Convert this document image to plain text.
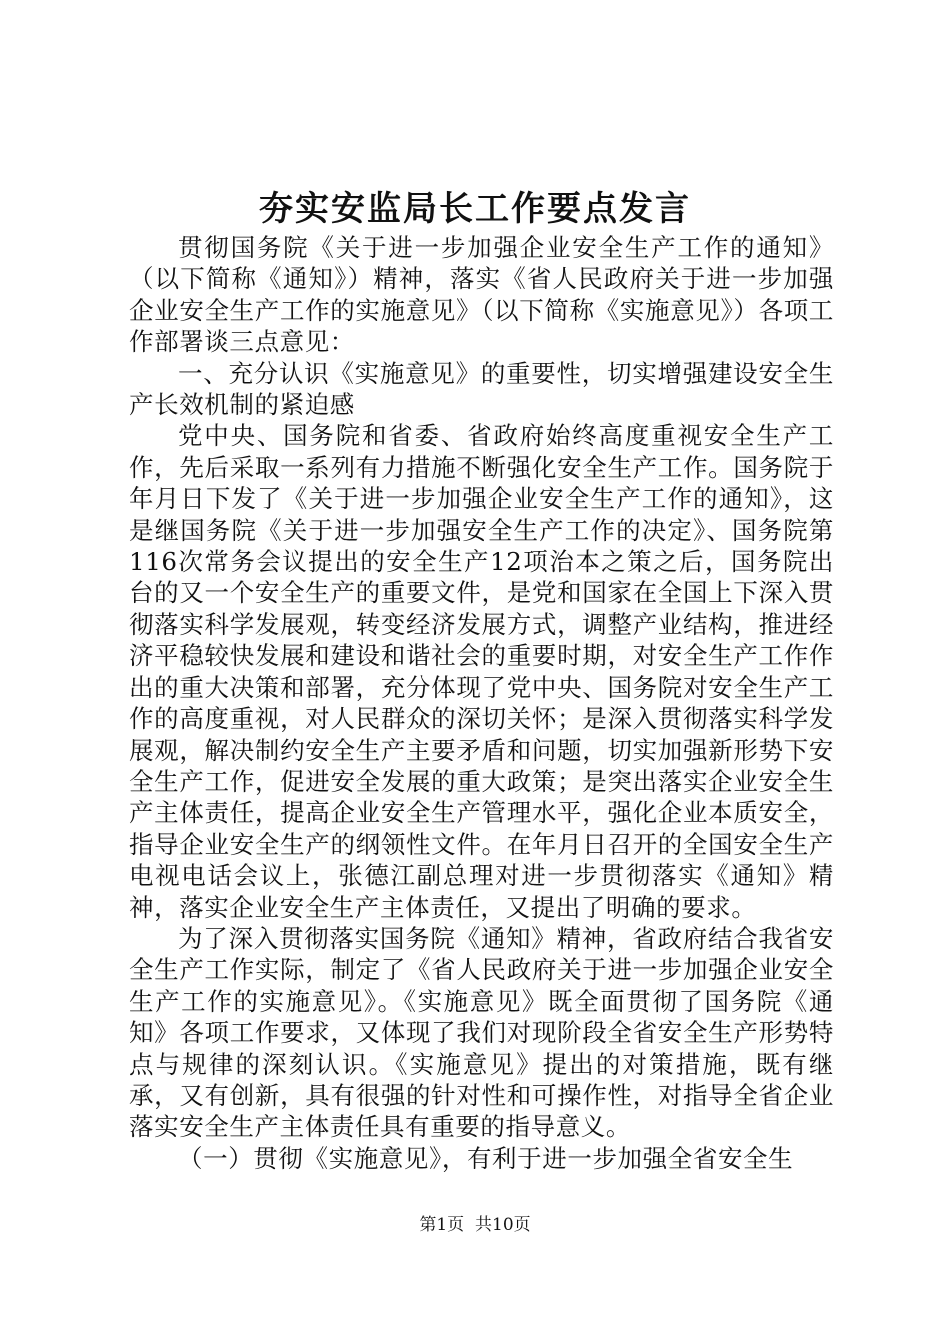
夯实安监局长工作要点发言

贯彻国务院《关于进一步加强企业安全生产工作的通知》（以下简称《通知》）精神，落实《省人民政府关于进一步加强企业安全生产工作的实施意见》（以下简称《实施意见》）各项工作部署谈三点意见：

一、充分认识《实施意见》的重要性，切实增强建设安全生产长效机制的紧迫感

党中央、国务院和省委、省政府始终高度重视安全生产工作，先后采取一系列有力措施不断强化安全生产工作。国务院于年月日下发了《关于进一步加强企业安全生产工作的通知》，这是继国务院《关于进一步加强安全生产工作的决定》、国务院第116次常务会议提出的安全生产12项治本之策之后，国务院出台的又一个安全生产的重要文件，是党和国家在全国上下深入贯彻落实科学发展观，转变经济发展方式，调整产业结构，推进经济平稳较快发展和建设和谐社会的重要时期，对安全生产工作作出的重大决策和部署，充分体现了党中央、国务院对安全生产工作的高度重视，对人民群众的深切关怀；是深入贯彻落实科学发展观，解决制约安全生产主要矛盾和问题，切实加强新形势下安全生产工作，促进安全发展的重大政策；是突出落实企业安全生产主体责任，提高企业安全生产管理水平，强化企业本质安全，指导企业安全生产的纲领性文件。在年月日召开的全国安全生产电视电话会议上，张德江副总理对进一步贯彻落实《通知》精神，落实企业安全生产主体责任，又提出了明确的要求。

为了深入贯彻落实国务院《通知》精神，省政府结合我省安全生产工作实际，制定了《省人民政府关于进一步加强企业安全生产工作的实施意见》。《实施意见》既全面贯彻了国务院《通知》各项工作要求，又体现了我们对现阶段全省安全生产形势特点与规律的深刻认识。《实施意见》提出的对策措施，既有继承，又有创新，具有很强的针对性和可操作性，对指导全省企业落实安全生产主体责任具有重要的指导意义。

（一）贯彻《实施意见》，有利于进一步加强全省安全生

第1页 共10页
